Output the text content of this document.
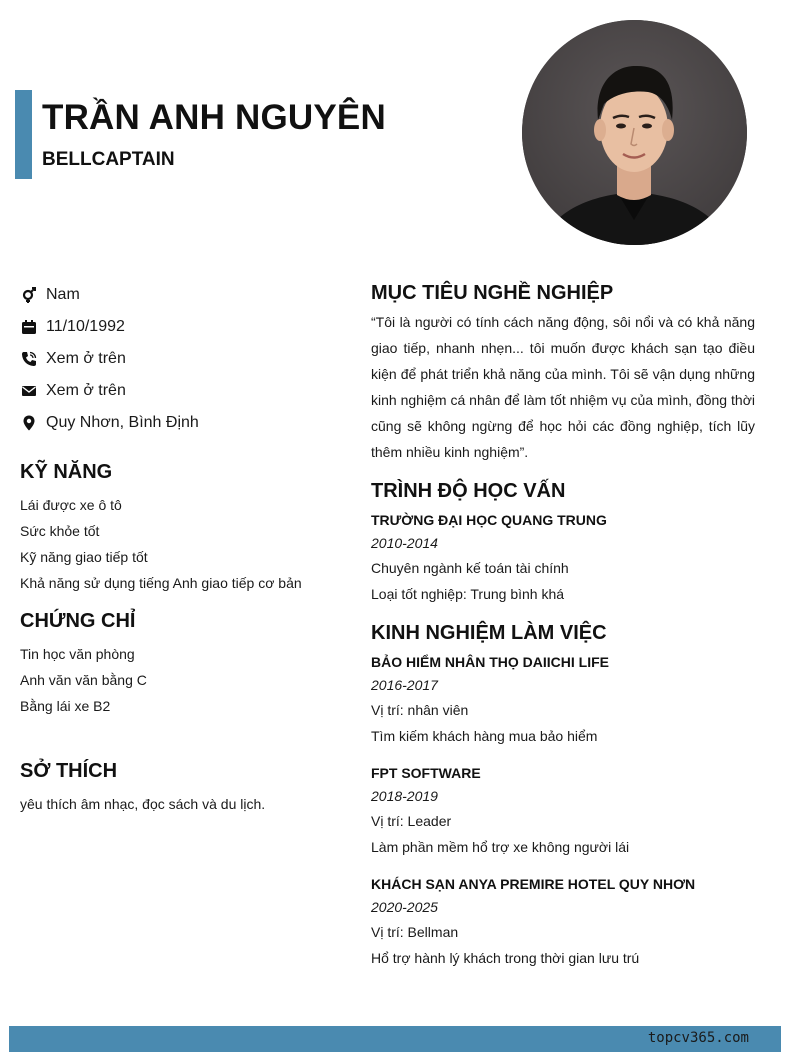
TRẦN ANH NGUYÊN
BELLCAPTAIN
Nam
11/10/1992
Xem ở trên
Xem ở trên
Quy Nhơn, Bình Định
KỸ NĂNG
Lái được xe ô tô
Sức khỏe tốt
Kỹ năng giao tiếp tốt
Khả năng sử dụng tiếng Anh giao tiếp cơ bản
CHỨNG CHỈ
Tin học văn phòng
Anh văn văn bằng C
Bằng lái xe B2
SỞ THÍCH
yêu thích âm nhạc, đọc sách và du lịch.
MỤC TIÊU NGHỀ NGHIỆP
“Tôi là người có tính cách năng động, sôi nổi và có khả năng giao tiếp, nhanh nhẹn... tôi muốn được khách sạn tạo điều kiện để phát triển khả năng của mình. Tôi sẽ vận dụng những kinh nghiệm cá nhân để làm tốt nhiệm vụ của mình, đồng thời cũng sẽ không ngừng để học hỏi các đồng nghiệp, tích lũy thêm nhiều kinh nghiệm”.
TRÌNH ĐỘ HỌC VẤN
TRƯỜNG ĐẠI HỌC QUANG TRUNG
2010-2014
Chuyên ngành kế toán tài chính
Loại tốt nghiệp: Trung bình khá
KINH NGHIỆM LÀM VIỆC
BẢO HIỂM NHÂN THỌ DAIICHI LIFE
2016-2017
Vị trí: nhân viên
Tìm kiếm khách hàng mua bảo hiểm
FPT SOFTWARE
2018-2019
Vị trí: Leader
Làm phần mềm hổ trợ xe không người lái
KHÁCH SẠN ANYA PREMIRE HOTEL QUY NHƠN
2020-2025
Vị trí: Bellman
Hổ trợ hành lý khách trong thời gian lưu trú
topcv365.com
